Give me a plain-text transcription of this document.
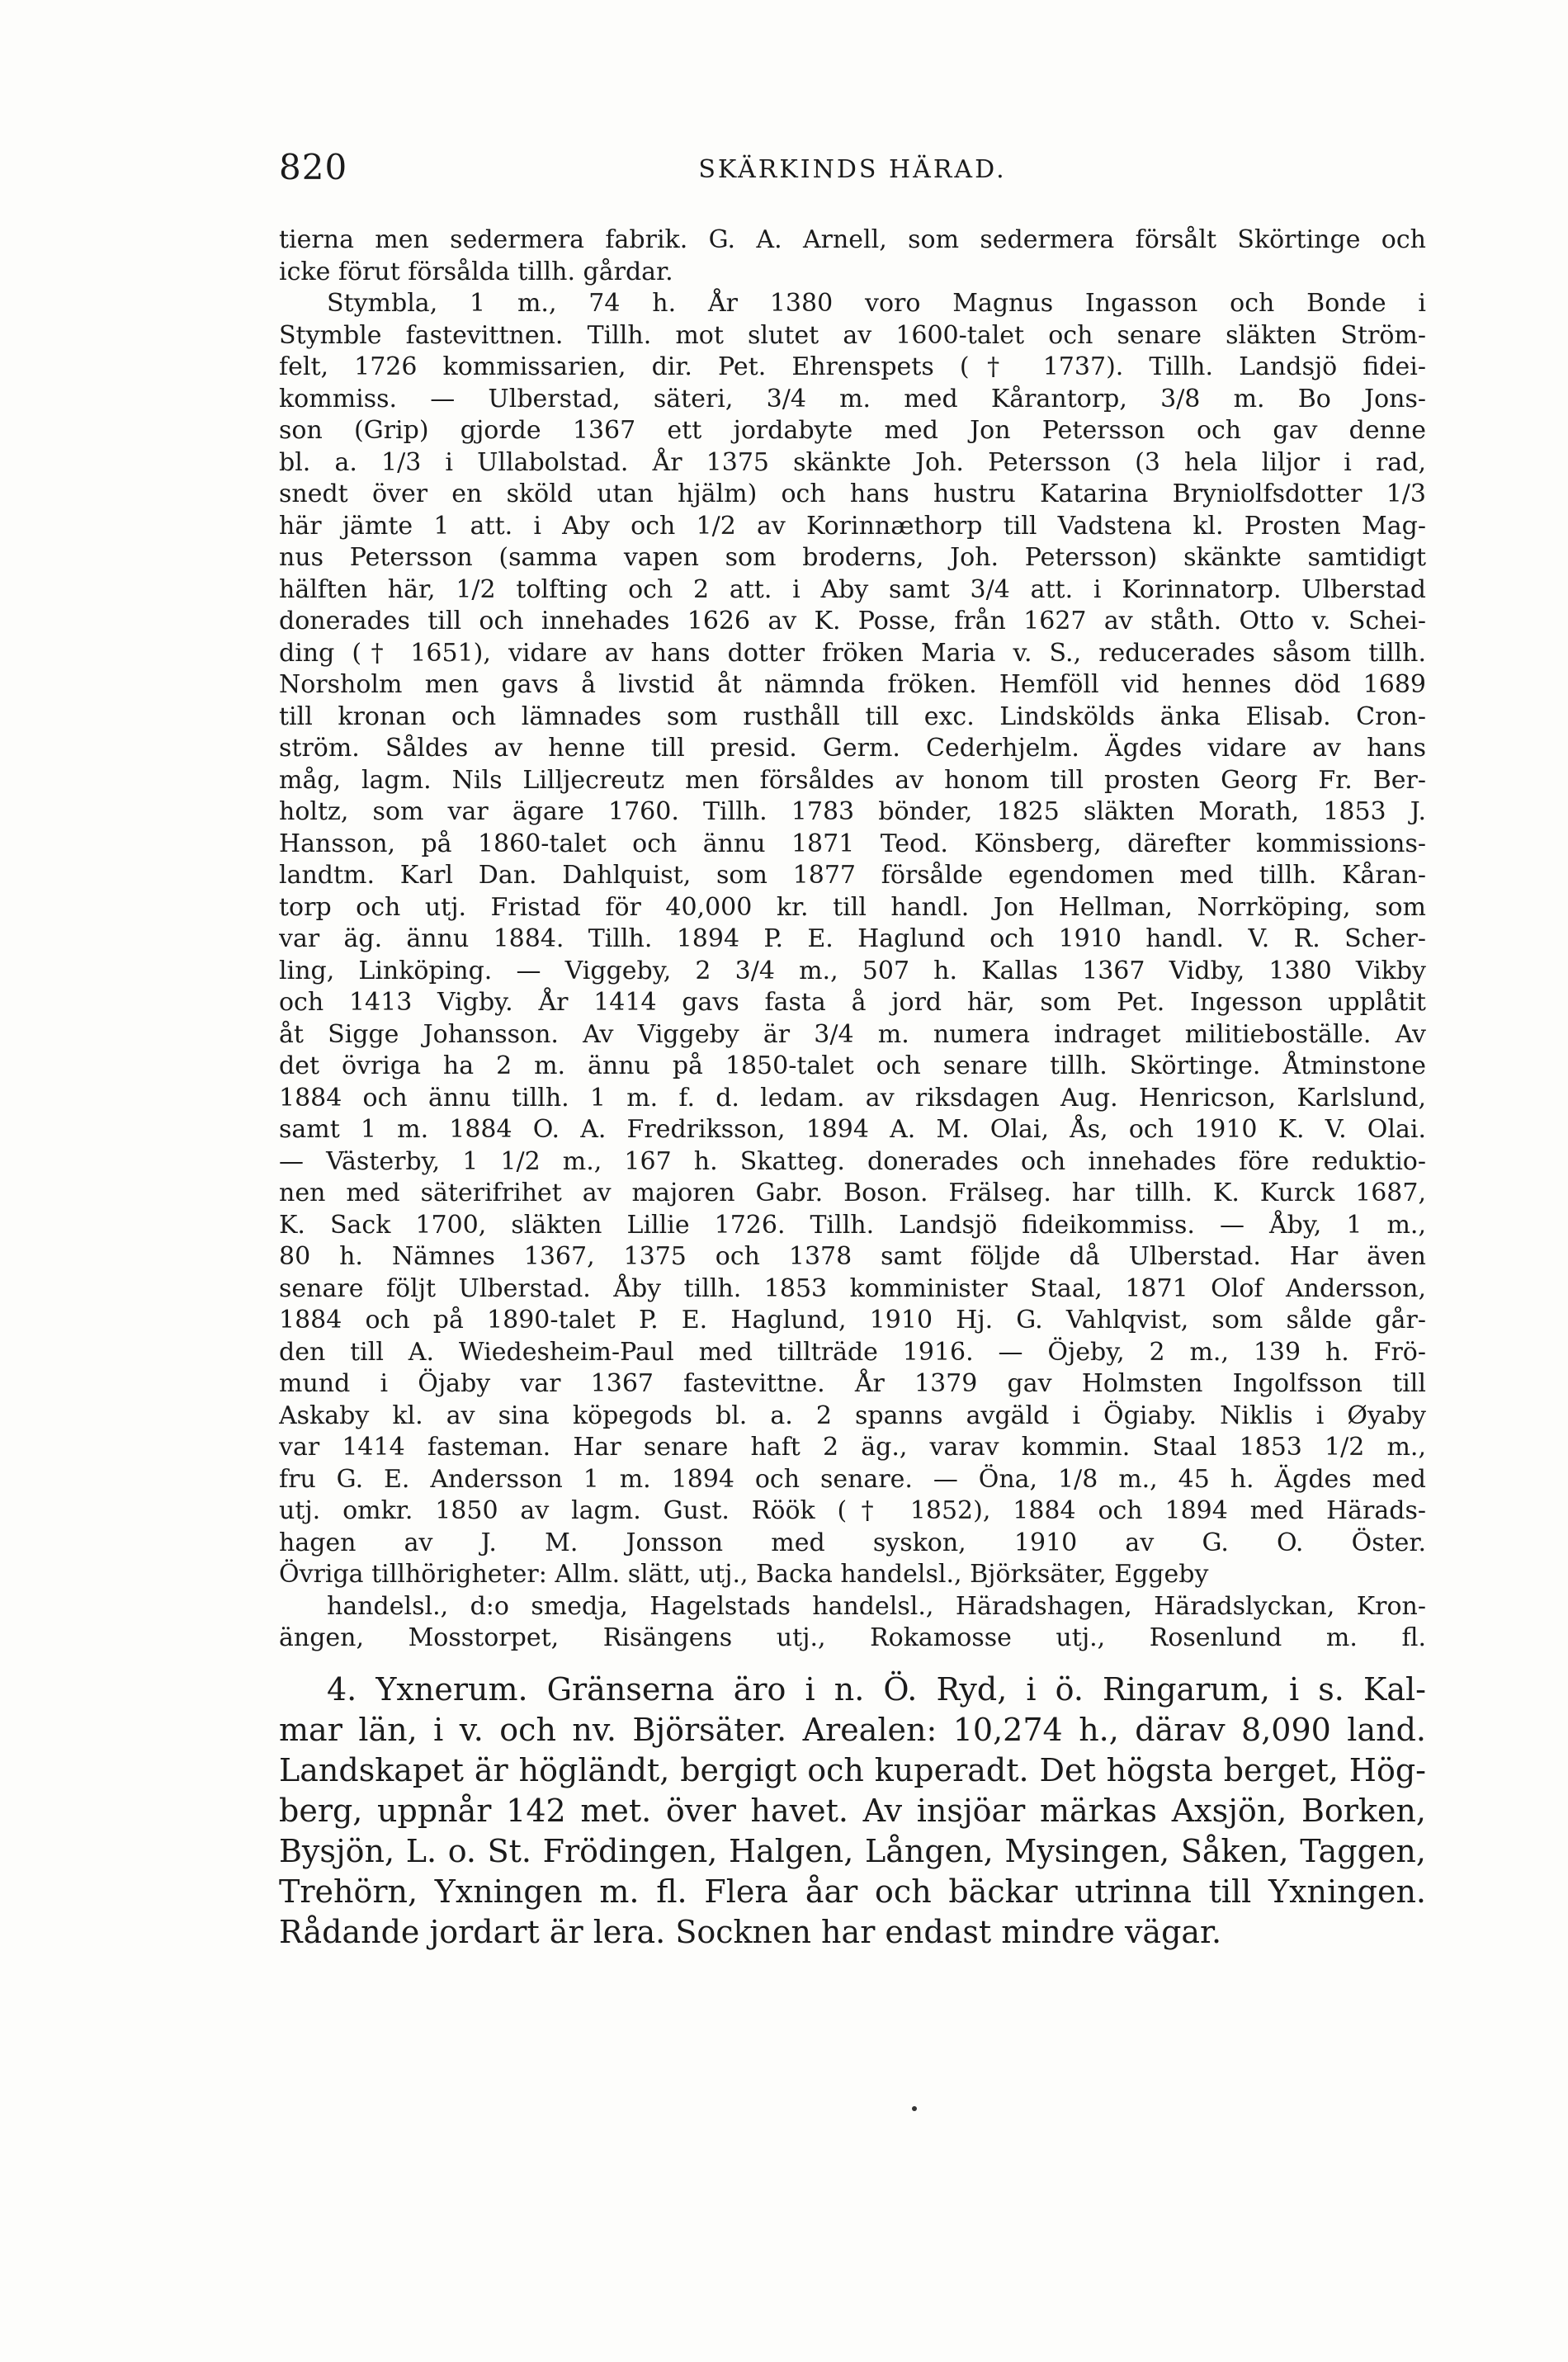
820	SKÄRKINDS HÄRAD.
tierna men sedermera fabrik. G. A. Arnell, som sedermera försålt Skörtinge och
icke förut försålda tillh. gårdar.
Stymbla, 1 m., 74 h. År 1380 voro Magnus Ingasson och Bonde i
Stymble fastevittnen. Tillh. mot slutet av 1600-talet och senare släkten Ström-
felt, 1726 kommissarien, dir. Pet. Ehrenspets († 1737). Tillh. Landsjö fidei-
kommiss. — Ulberstad, säteri, 3/4 m. med Kårantorp, 3/8 m. Bo Jons-
son (Grip) gjorde 1367 ett jordabyte med Jon Petersson och gav denne
bl. a. 1/3 i Ullabolstad. År 1375 skänkte Joh. Petersson (3 hela liljor i rad,
snedt över en sköld utan hjälm) och hans hustru Katarina Bryniolfsdotter 1/3
här jämte 1 att. i Aby och 1/2 av Korinnæthorp till Vadstena kl. Prosten Mag-
nus Petersson (samma vapen som broderns, Joh. Petersson) skänkte samtidigt
hälften här, 1/2 tolfting och 2 att. i Aby samt 3/4 att. i Korinnatorp. Ulberstad
donerades till och innehades 1626 av K. Posse, från 1627 av ståth. Otto v. Schei-
ding († 1651), vidare av hans dotter fröken Maria v. S., reducerades såsom tillh.
Norsholm men gavs å livstid åt nämnda fröken. Hemföll vid hennes död 1689
till kronan och lämnades som rusthåll till exc. Lindskölds änka Elisab. Cron-
ström. Såldes av henne till presid. Germ. Cederhjelm. Ägdes vidare av hans
måg, lagm. Nils Lilljecreutz men försåldes av honom till prosten Georg Fr. Ber-
holtz, som var ägare 1760. Tillh. 1783 bönder, 1825 släkten Morath, 1853 J.
Hansson, på 1860-talet och ännu 1871 Teod. Könsberg, därefter kommissions-
landtm. Karl Dan. Dahlquist, som 1877 försålde egendomen med tillh. Kåran-
torp och utj. Fristad för 40,000 kr. till handl. Jon Hellman, Norrköping, som
var äg. ännu 1884. Tillh. 1894 P. E. Haglund och 1910 handl. V. R. Scher-
ling, Linköping. — Viggeby, 2 3/4 m., 507 h. Kallas 1367 Vidby, 1380 Vikby
och 1413 Vigby. År 1414 gavs fasta å jord här, som Pet. Ingesson upplåtit
åt Sigge Johansson. Av Viggeby är 3/4 m. numera indraget militieboställe. Av
det övriga ha 2 m. ännu på 1850-talet och senare tillh. Skörtinge. Åtminstone
1884 och ännu tillh. 1 m. f. d. ledam. av riksdagen Aug. Henricson, Karlslund,
samt 1 m. 1884 O. A. Fredriksson, 1894 A. M. Olai, Ås, och 1910 K. V. Olai.
— Västerby, 1 1/2 m., 167 h. Skatteg. donerades och innehades före reduktio-
nen med säterifrihet av majoren Gabr. Boson. Frälseg. har tillh. K. Kurck 1687,
K. Sack 1700, släkten Lillie 1726. Tillh. Landsjö fideikommiss. — Åby, 1 m.,
80 h. Nämnes 1367, 1375 och 1378 samt följde då Ulberstad. Har även
senare följt Ulberstad. Åby tillh. 1853 komminister Staal, 1871 Olof Andersson,
1884 och på 1890-talet P. E. Haglund, 1910 Hj. G. Vahlqvist, som sålde går-
den till A. Wiedesheim-Paul med tillträde 1916. — Öjeby, 2 m., 139 h. Frö-
mund i Öjaby var 1367 fastevittne. År 1379 gav Holmsten Ingolfsson till
Askaby kl. av sina köpegods bl. a. 2 spanns avgäld i Ögiaby. Niklis i Øyaby
var 1414 fasteman. Har senare haft 2 äg., varav kommin. Staal 1853 1/2 m.,
fru G. E. Andersson 1 m. 1894 och senare. — Öna, 1/8 m., 45 h. Ägdes med
utj. omkr. 1850 av lagm. Gust. Röök († 1852), 1884 och 1894 med Härads-
hagen av J. M. Jonsson med syskon, 1910 av G. O. Öster.
Övriga tillhörigheter: Allm. slätt, utj., Backa handelsl., Björksäter, Eggeby
handelsl., d:o smedja, Hagelstads handelsl., Häradshagen, Häradslyckan, Kron-
ängen, Mosstorpet, Risängens utj., Rokamosse utj., Rosenlund m. fl.
4. Yxnerum. Gränserna äro i n. Ö. Ryd, i ö. Ringarum, i s. Kal-
mar län, i v. och nv. Björsäter. Arealen: 10,274 h., därav 8,090 land.
Landskapet är högländt, bergigt och kuperadt. Det högsta berget, Hög-
berg, uppnår 142 met. över havet. Av insjöar märkas Axsjön, Borken,
Bysjön, L. o. St. Frödingen, Halgen, Lången, Mysingen, Såken, Taggen,
Trehörn, Yxningen m. fl. Flera åar och bäckar utrinna till Yxningen.
Rådande jordart är lera. Socknen har endast mindre vägar.
